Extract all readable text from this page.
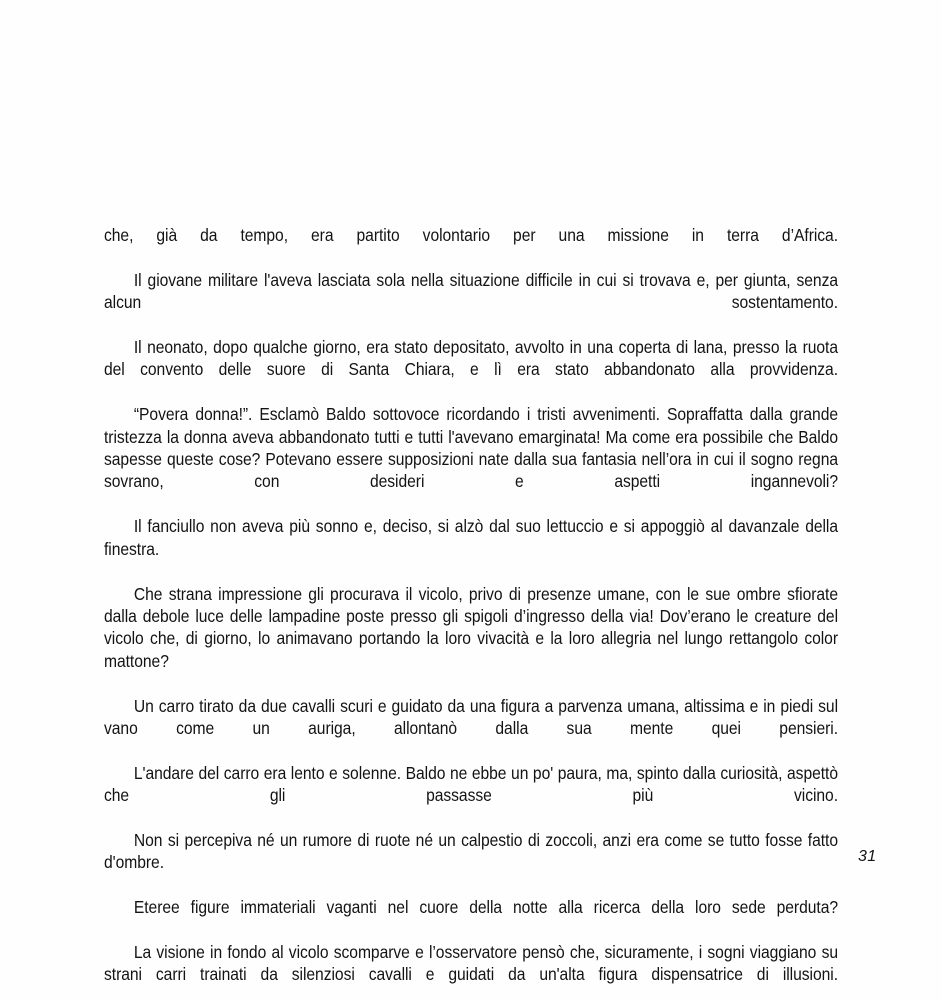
che, già da tempo, era partito volontario per una missione in terra d’Africa.

Il giovane militare l'aveva lasciata sola nella situazione difficile in cui si trovava e, per giunta, senza alcun sostentamento.

Il neonato, dopo qualche giorno, era stato depositato, avvolto in una coperta di lana, presso la ruota del convento delle suore di Santa Chiara, e lì era stato abbandonato alla provvidenza.

“Povera donna!”. Esclamò Baldo sottovoce ricordando i tristi avvenimenti. Sopraffatta dalla grande tristezza la donna aveva abbandonato tutti e tutti l'avevano emarginata! Ma come era possibile che Baldo sapesse queste cose? Potevano essere supposizioni nate dalla sua fantasia nell’ora in cui il sogno regna sovrano, con desideri e aspetti ingannevoli?

Il fanciullo non aveva più sonno e, deciso, si alzò dal suo lettuccio e si appoggiò al davanzale della finestra.

Che strana impressione gli procurava il vicolo, privo di presenze umane, con le sue ombre sfiorate dalla debole luce delle lampadine poste presso gli spigoli d’ingresso della via! Dov’erano le creature del vicolo che, di giorno, lo animavano portando la loro vivacità e la loro allegria nel lungo rettangolo color mattone?

Un carro tirato da due cavalli scuri e guidato da una figura a parvenza umana, altissima e in piedi sul vano come un auriga, allontanò dalla sua mente quei pensieri.

L'andare del carro era lento e solenne. Baldo ne ebbe un po' paura, ma, spinto dalla curiosità, aspettò che gli passasse più vicino.

Non si percepiva né un rumore di ruote né un calpestio di zoccoli, anzi era come se tutto fosse fatto d'ombre.

Eteree figure immateriali vaganti nel cuore della notte alla ricerca della loro sede perduta?

La visione in fondo al vicolo scomparve e l’osservatore pensò che, sicuramente, i sogni viaggiano su strani carri trainati da silenziosi cavalli e guidati da un'alta figura dispensatrice di illusioni.

31
